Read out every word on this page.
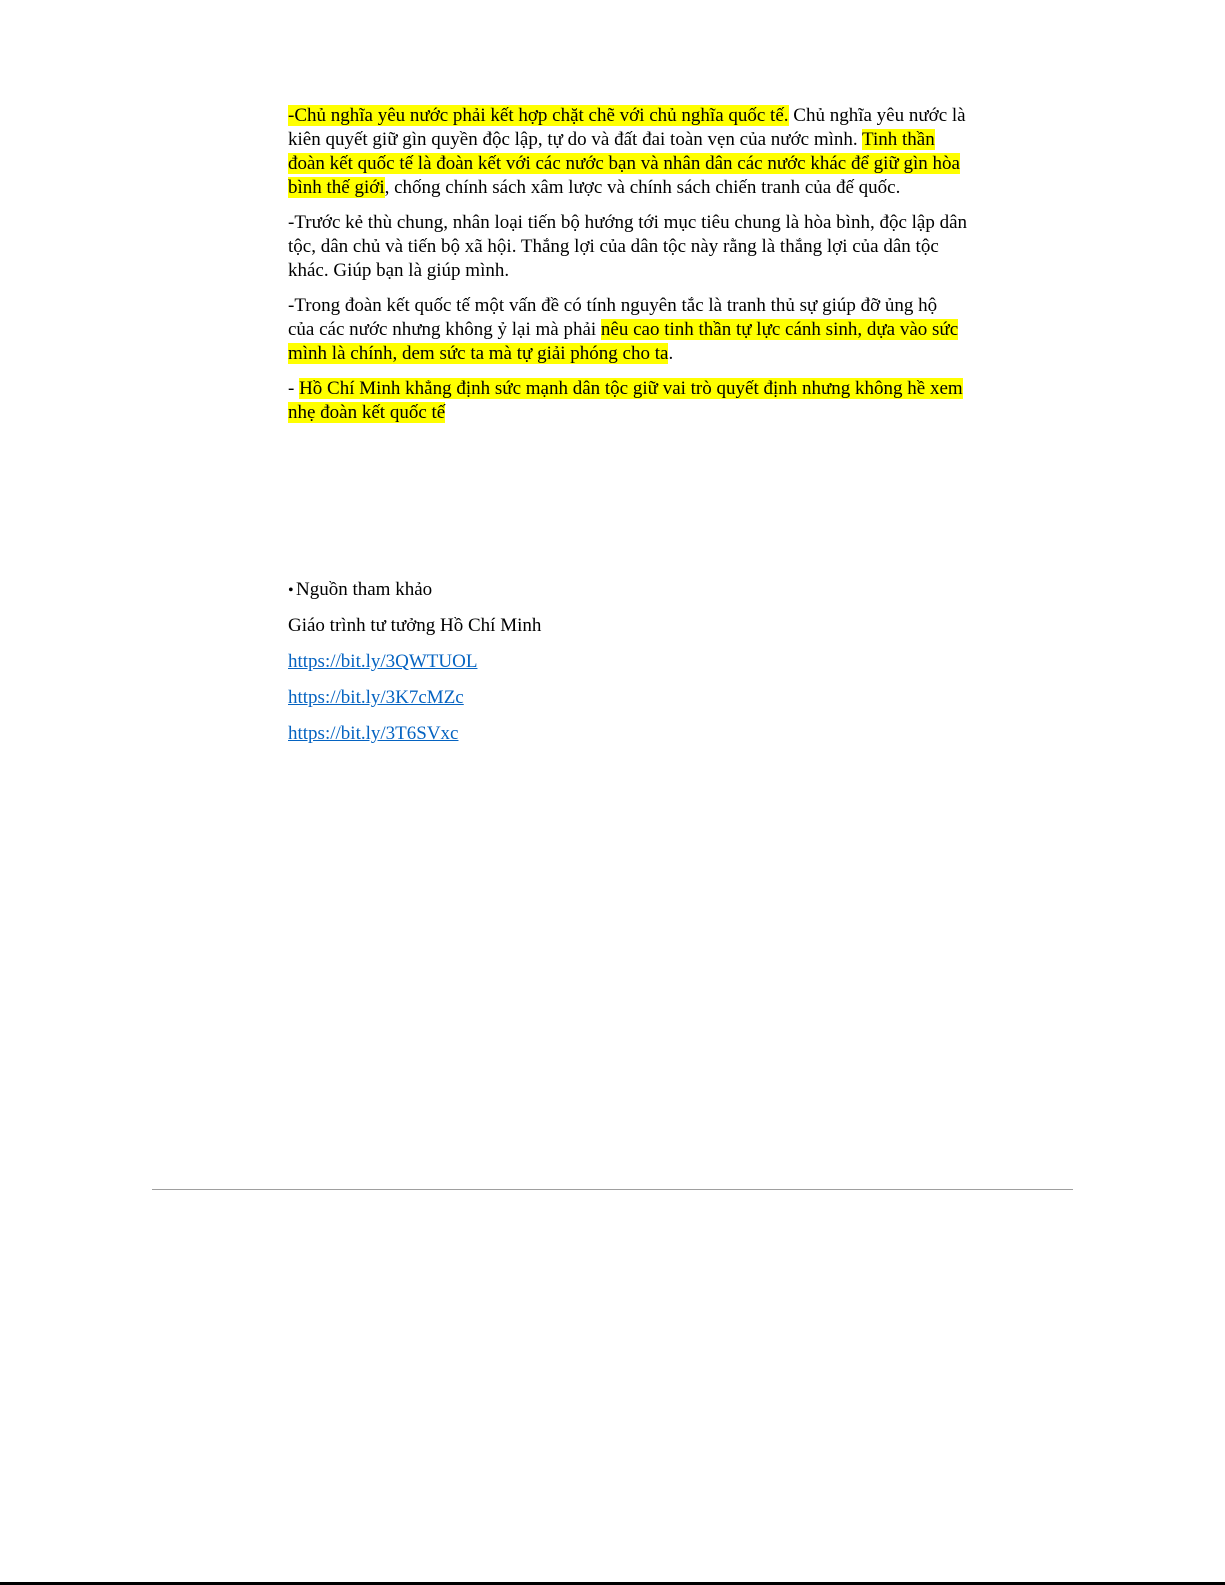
-Chủ nghĩa yêu nước phải kết hợp chặt chẽ với chủ nghĩa quốc tế. Chủ nghĩa yêu nước là kiên quyết giữ gìn quyền độc lập, tự do và đất đai toàn vẹn của nước mình. Tinh thần đoàn kết quốc tế là đoàn kết với các nước bạn và nhân dân các nước khác để giữ gìn hòa bình thế giới, chống chính sách xâm lược và chính sách chiến tranh của đế quốc.

-Trước kẻ thù chung, nhân loại tiến bộ hướng tới mục tiêu chung là hòa bình, độc lập dân tộc, dân chủ và tiến bộ xã hội. Thắng lợi của dân tộc này rằng là thắng lợi của dân tộc khác. Giúp bạn là giúp mình.

-Trong đoàn kết quốc tế một vấn đề có tính nguyên tắc là tranh thủ sự giúp đỡ ủng hộ của các nước nhưng không ỷ lại mà phải nêu cao tinh thần tự lực cánh sinh, dựa vào sức mình là chính, dem sức ta mà tự giải phóng cho ta.

- Hồ Chí Minh khẳng định sức mạnh dân tộc giữ vai trò quyết định nhưng không hề xem nhẹ đoàn kết quốc tế

• Nguồn tham khảo
Giáo trình tư tưởng Hồ Chí Minh
https://bit.ly/3QWTUOL
https://bit.ly/3K7cMZc
https://bit.ly/3T6SVxc
